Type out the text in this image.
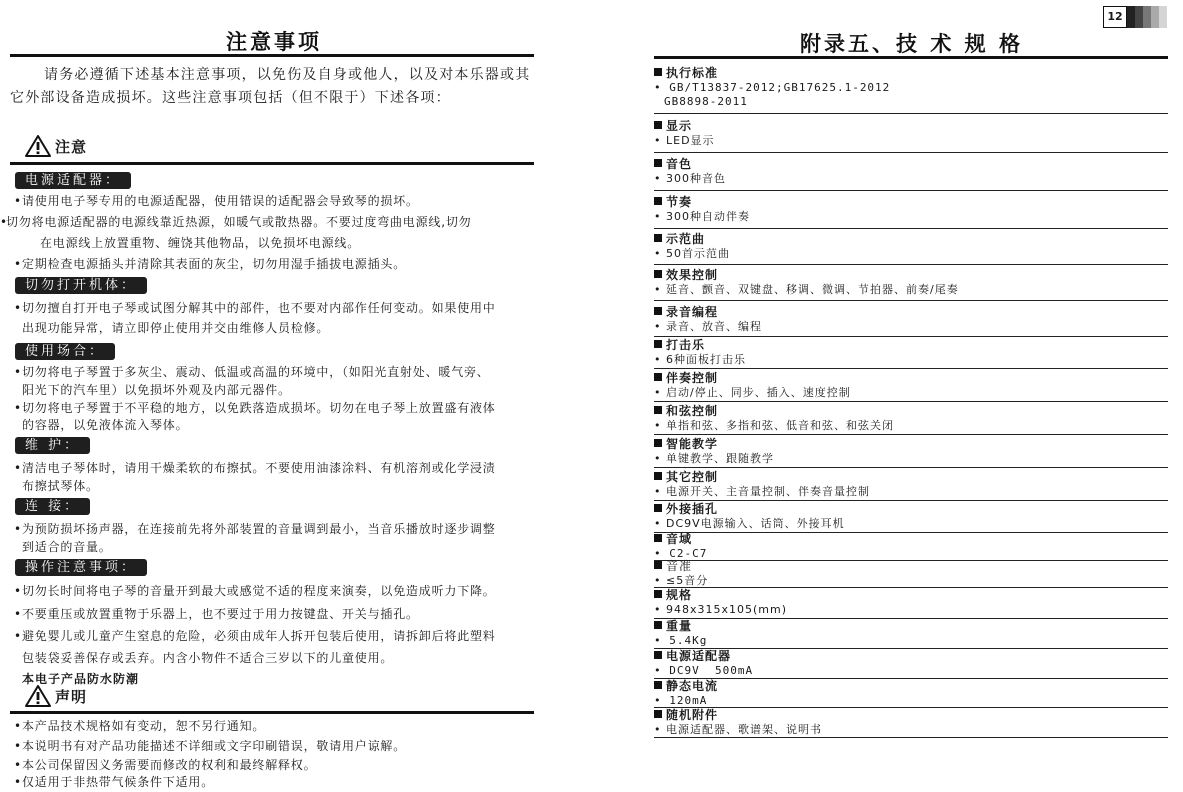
注意事项
请务必遵循下述基本注意事项，以免伤及自身或他人，以及对本乐器或其它外部设备造成损坏。这些注意事项包括（但不限于）下述各项：
注意
电源适配器：
• 请使用电子琴专用的电源适配器，使用错误的适配器会导致琴的损坏。
• 切勿将电源适配器的电源线靠近热源，如暖气或散热器。不要过度弯曲电源线,切勿
在电源线上放置重物、缠饶其他物品，以免损坏电源线。
• 定期检查电源插头并清除其表面的灰尘，切勿用湿手插拔电源插头。
切勿打开机体：
• 切勿擅自打开电子琴或试图分解其中的部件，也不要对内部作任何变动。如果使用中
出现功能异常，请立即停止使用并交由维修人员检修。
使用场合：
• 切勿将电子琴置于多灰尘、震动、低温或高温的环境中，（如阳光直射处、暖气旁、
阳光下的汽车里）以免损坏外观及内部元器件。
• 切勿将电子琴置于不平稳的地方，以免跌落造成损坏。切勿在电子琴上放置盛有液体
的容器，以免液体流入琴体。
维 护：
• 清洁电子琴体时，请用干燥柔软的布擦拭。不要使用油漆涂料、有机溶剂或化学浸渍
布擦拭琴体。
连 接：
• 为预防损坏扬声器，在连接前先将外部装置的音量调到最小，当音乐播放时逐步调整
到适合的音量。
操作注意事项：
• 切勿长时间将电子琴的音量开到最大或感觉不适的程度来演奏，以免造成听力下降。
• 不要重压或放置重物于乐器上，也不要过于用力按键盘、开关与插孔。
• 避免婴儿或儿童产生窒息的危险，必须由成年人拆开包装后使用，请拆卸后将此塑料
包装袋妥善保存或丢弃。内含小物件不适合三岁以下的儿童使用。
本电子产品防水防潮
声明
• 本产品技术规格如有变动，恕不另行通知。
• 本说明书有对产品功能描述不详细或文字印刷错误，敬请用户谅解。
• 本公司保留因义务需要而修改的权利和最终解释权。
• 仅适用于非热带气候条件下适用。
12
附录五、技 术 规 格
执行标准
• GB/T13837-2012;GB17625.1-2012
GB8898-2011
显示
• LED显示
音色
• 300种音色
节奏
• 300种自动伴奏
示范曲
• 50首示范曲
效果控制
• 延音、颤音、双键盘、移调、微调、节拍器、前奏/尾奏
录音编程
• 录音、放音、编程
打击乐
• 6种面板打击乐
伴奏控制
• 启动/停止、同步、插入、速度控制
和弦控制
• 单指和弦、多指和弦、低音和弦、和弦关闭
智能教学
• 单键教学、跟随教学
其它控制
• 电源开关、主音量控制、伴奏音量控制
外接插孔
• DC9V电源输入、话筒、外接耳机
音域
• C2-C7
音准
• ≤5音分
规格
• 948x315x105(mm)
重量
• 5.4Kg
电源适配器
• DC9V  500mA
静态电流
• 120mA
随机附件
• 电源适配器、歌谱架、说明书
